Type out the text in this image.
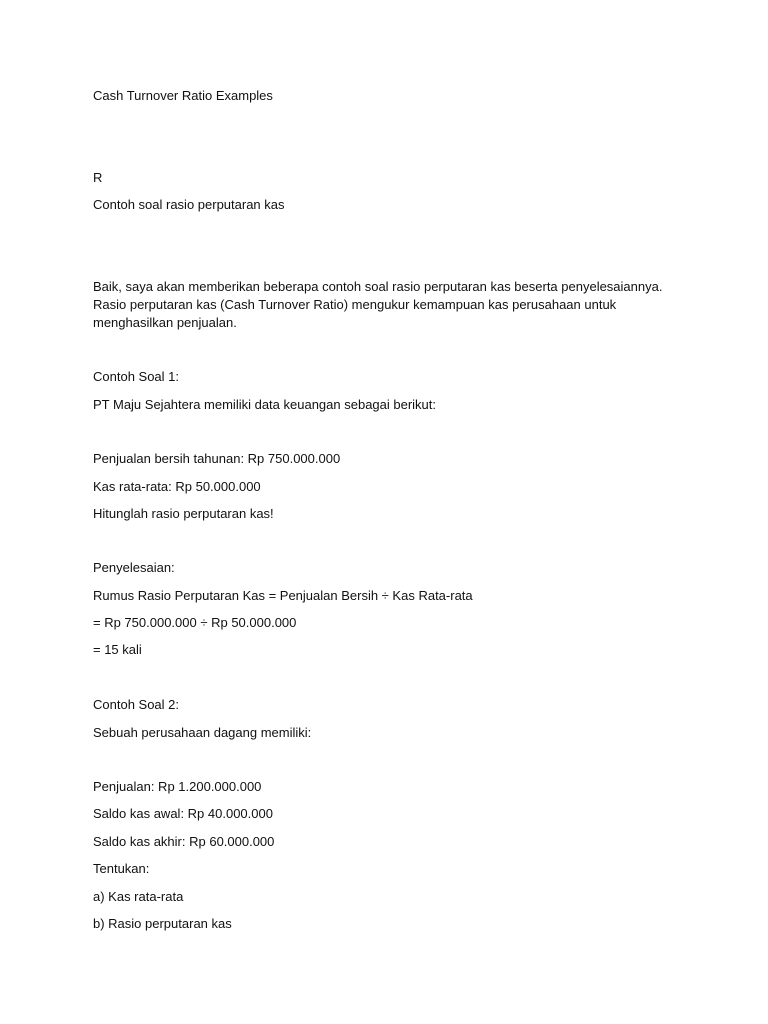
Cash Turnover Ratio Examples

R

Contoh soal rasio perputaran kas

Baik, saya akan memberikan beberapa contoh soal rasio perputaran kas beserta penyelesaiannya.
Rasio perputaran kas (Cash Turnover Ratio) mengukur kemampuan kas perusahaan untuk
menghasilkan penjualan.

Contoh Soal 1:

PT Maju Sejahtera memiliki data keuangan sebagai berikut:

Penjualan bersih tahunan: Rp 750.000.000

Kas rata-rata: Rp 50.000.000

Hitunglah rasio perputaran kas!

Penyelesaian:

Rumus Rasio Perputaran Kas = Penjualan Bersih ÷ Kas Rata-rata

= Rp 750.000.000 ÷ Rp 50.000.000

= 15 kali

Contoh Soal 2:

Sebuah perusahaan dagang memiliki:

Penjualan: Rp 1.200.000.000

Saldo kas awal: Rp 40.000.000

Saldo kas akhir: Rp 60.000.000

Tentukan:

a) Kas rata-rata

b) Rasio perputaran kas
